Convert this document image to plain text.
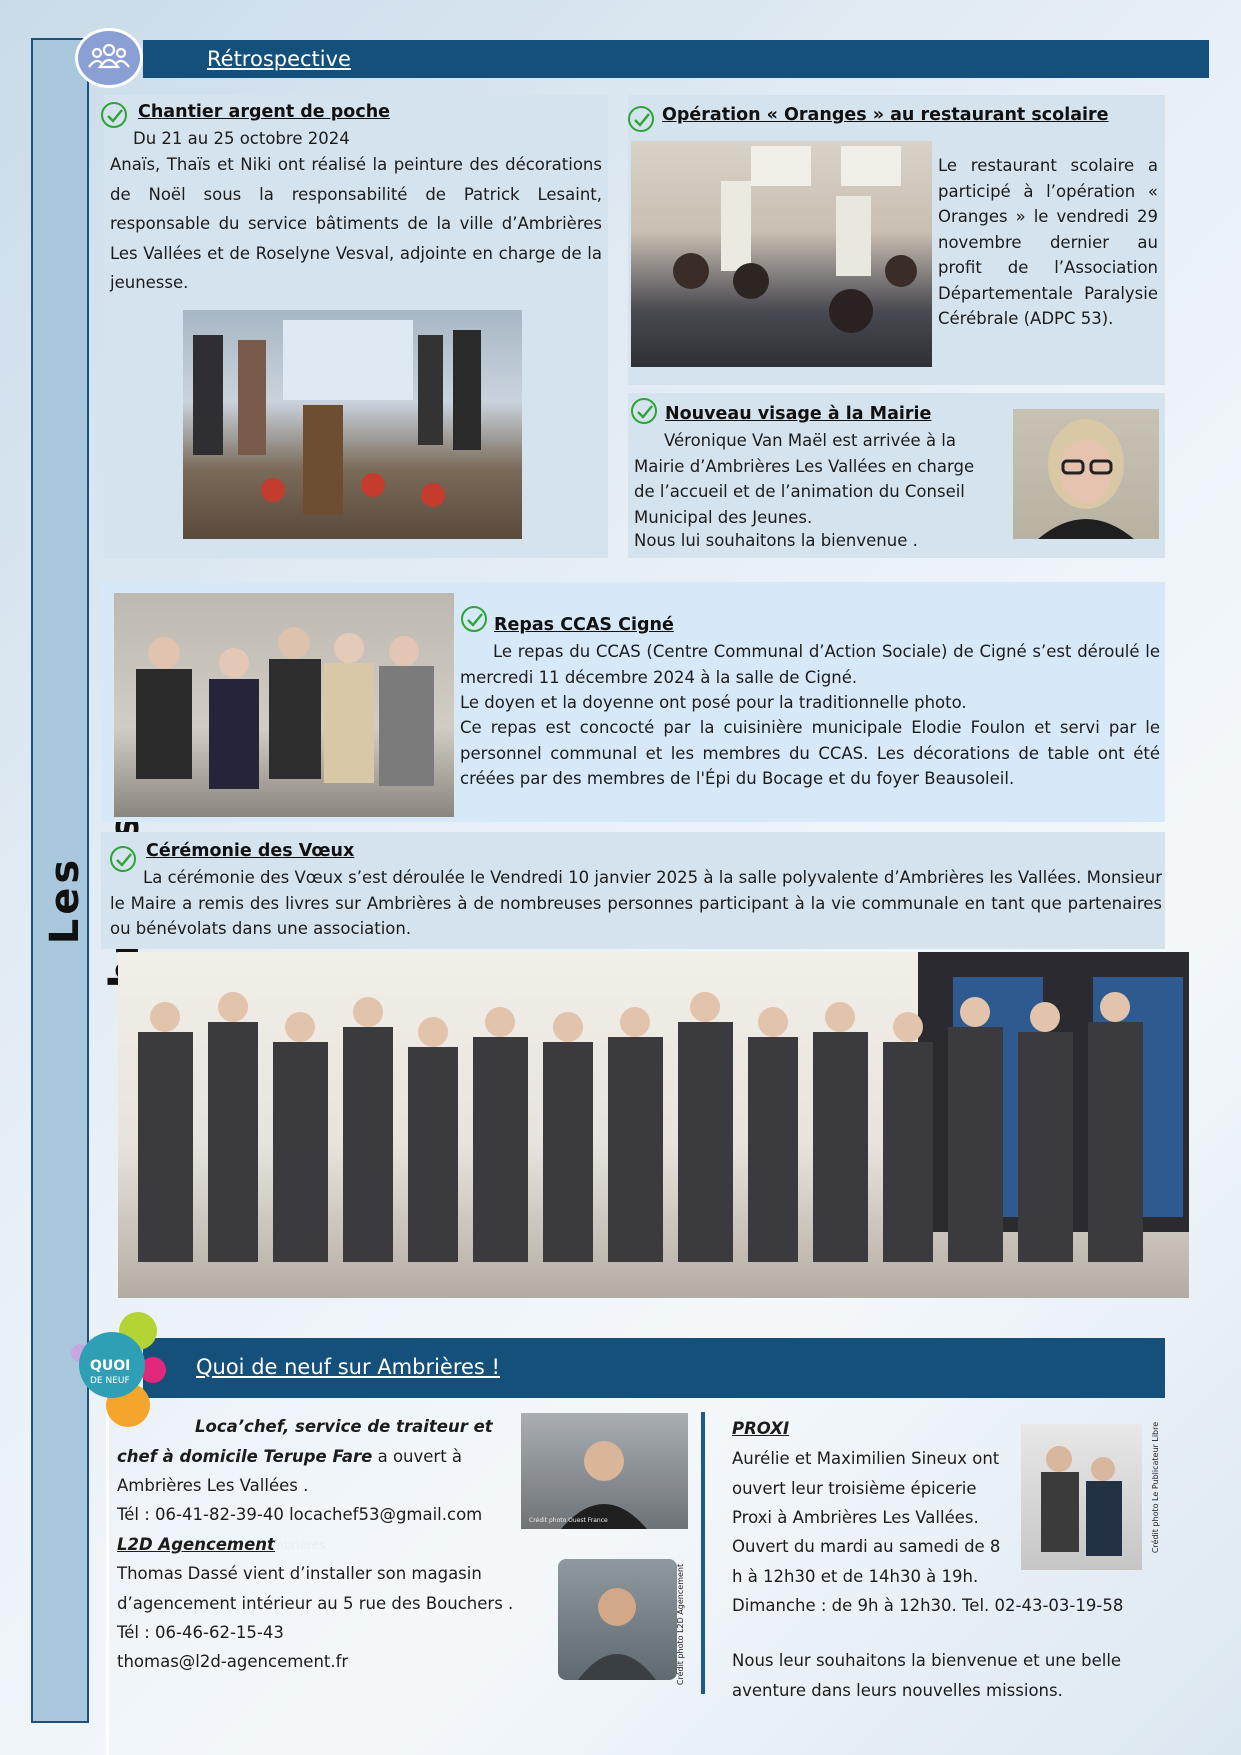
Les
Rétrospective
Chantier argent de poche
Du 21 au 25 octobre 2024
Anaïs, Thaïs et Niki ont réalisé la peinture des décorations de Noël sous la responsabilité de Patrick Lesaint, responsable du service bâtiments de la ville d’Ambrières Les Vallées et de Roselyne Vesval, adjointe en charge de la jeunesse.
Opération « Oranges » au restaurant scolaire
Le restaurant scolaire a participé à l’opération « Oranges » le vendredi 29 novembre dernier au profit de l’Association Départementale Paralysie Cérébrale (ADPC 53).
Nouveau visage à la Mairie
Véronique Van Maël est arrivée à la Mairie d’Ambrières Les Vallées en charge de l’accueil et de l’animation du Conseil Municipal des Jeunes.
Nous lui souhaitons la bienvenue .
Repas CCAS Cigné
Le repas du CCAS (Centre Communal d’Action Sociale) de Cigné s’est déroulé le mercredi 11 décembre 2024 à la salle de Cigné.
Le doyen et la doyenne ont posé pour la traditionnelle photo.
Ce repas est concocté par la cuisinière municipale Elodie Foulon et servi par le personnel communal et les membres du CCAS. Les décorations de table ont été créées par des membres de l'Épi du Bocage et du foyer Beausoleil.
Cérémonie des Vœux
La cérémonie des Vœux s’est déroulée le Vendredi 10 janvier 2025 à la salle polyvalente d’Ambrières les Vallées. Monsieur le Maire a remis des livres sur Ambrières à de nombreuses personnes participant à la vie communale en tant que partenaires ou bénévolats dans une association.
Quoi de neuf sur Ambrières !
QUOI
DE NEUF
Loca’chef, service de traiteur et chef à domicile Terupe Fare a ouvert à Ambrières Les Vallées .
Tél : 06-41-82-39-40 locachef53@gmail.com	Crédit photo Ouest France
L2D Agencement
mbrières
Thomas Dassé vient d’installer son magasin d’agencement intérieur au 5 rue des Bouchers .
Tél : 06-46-62-15-43
thomas@l2d-agencement.fr	Crédit photo L2D Agencement
PROXI
Aurélie et Maximilien Sineux ont ouvert leur troisième épicerie Proxi à Ambrières Les Vallées.
Ouvert du mardi au samedi de 8 h à 12h30 et de 14h30 à 19h.
Dimanche : de 9h à 12h30. Tel. 02-43-03-19-58
Crédit photo Le Publicateur Libre
Nous leur souhaitons la bienvenue et une belle aventure dans leurs nouvelles missions.
